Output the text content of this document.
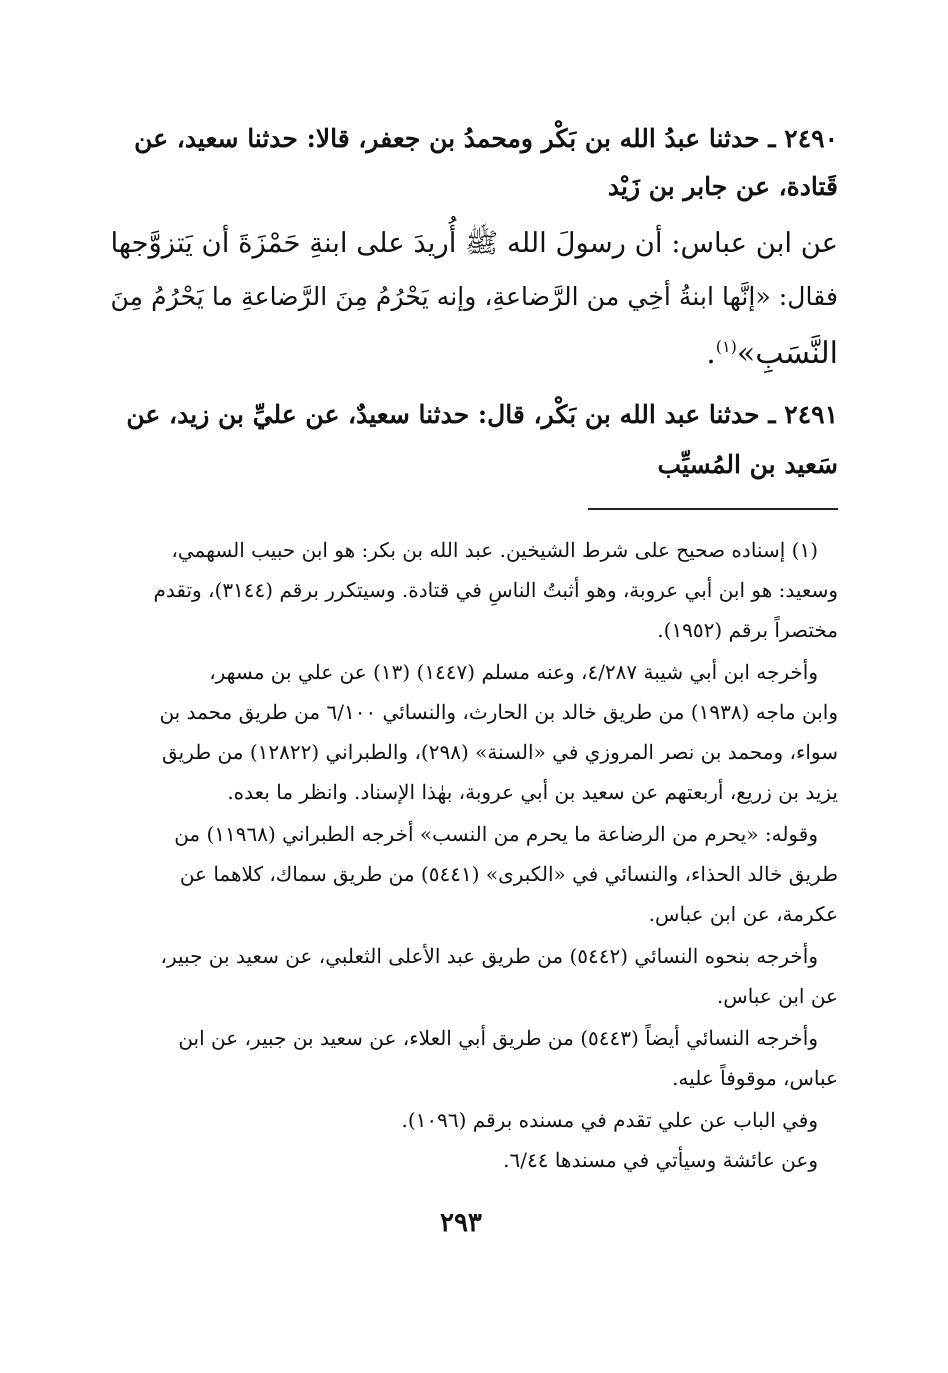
٢٤٩٠ ـ حدثنا عبدُ الله بن بَكْر ومحمدُ بن جعفر، قالا: حدثنا سعيد، عن
قَتادة، عن جابر بن زَيْد
عن ابن عباس: أن رسولَ الله ﷺ أُريدَ على ابنةِ حَمْزَةَ أن يَتزوَّجها
فقال: «إنَّها ابنةُ أخِي من الرَّضاعةِ، وإنه يَحْرُمُ مِنَ الرَّضاعةِ ما يَحْرُمُ مِنَ
النَّسَبِ»$^{(١)}$.
٢٤٩١ ـ حدثنا عبد الله بن بَكْر، قال: حدثنا سعيدٌ، عن عليِّ بن زيد، عن
سَعيد بن المُسيِّب
(١) إسناده صحيح على شرط الشيخين. عبد الله بن بكر: هو ابن حبيب السهمي،
وسعيد: هو ابن أبي عروبة، وهو أثبتُ الناسِ في قتادة. وسيتكرر برقم (٣١٤٤)، وتقدم
مختصراً برقم (١٩٥٢).
وأخرجه ابن أبي شيبة ٤/٢٨٧، وعنه مسلم (١٤٤٧) (١٣) عن علي بن مسهر،
وابن ماجه (١٩٣٨) من طريق خالد بن الحارث، والنسائي ٦/١٠٠ من طريق محمد بن
سواء، ومحمد بن نصر المروزي في «السنة» (٢٩٨)، والطبراني (١٢٨٢٢) من طريق
يزيد بن زريع، أربعتهم عن سعيد بن أبي عروبة، بهٰذا الإسناد. وانظر ما بعده.
وقوله: «يحرم من الرضاعة ما يحرم من النسب» أخرجه الطبراني (١١٩٦٨) من
طريق خالد الحذاء، والنسائي في «الكبرى» (٥٤٤١) من طريق سماك، كلاهما عن
عكرمة، عن ابن عباس.
وأخرجه بنحوه النسائي (٥٤٤٢) من طريق عبد الأعلى الثعلبي، عن سعيد بن جبير،
عن ابن عباس.
وأخرجه النسائي أيضاً (٥٤٤٣) من طريق أبي العلاء، عن سعيد بن جبير، عن ابن
عباس، موقوفاً عليه.
وفي الباب عن علي تقدم في مسنده برقم (١٠٩٦).
وعن عائشة وسيأتي في مسندها ٦/٤٤.
٢٩٣
